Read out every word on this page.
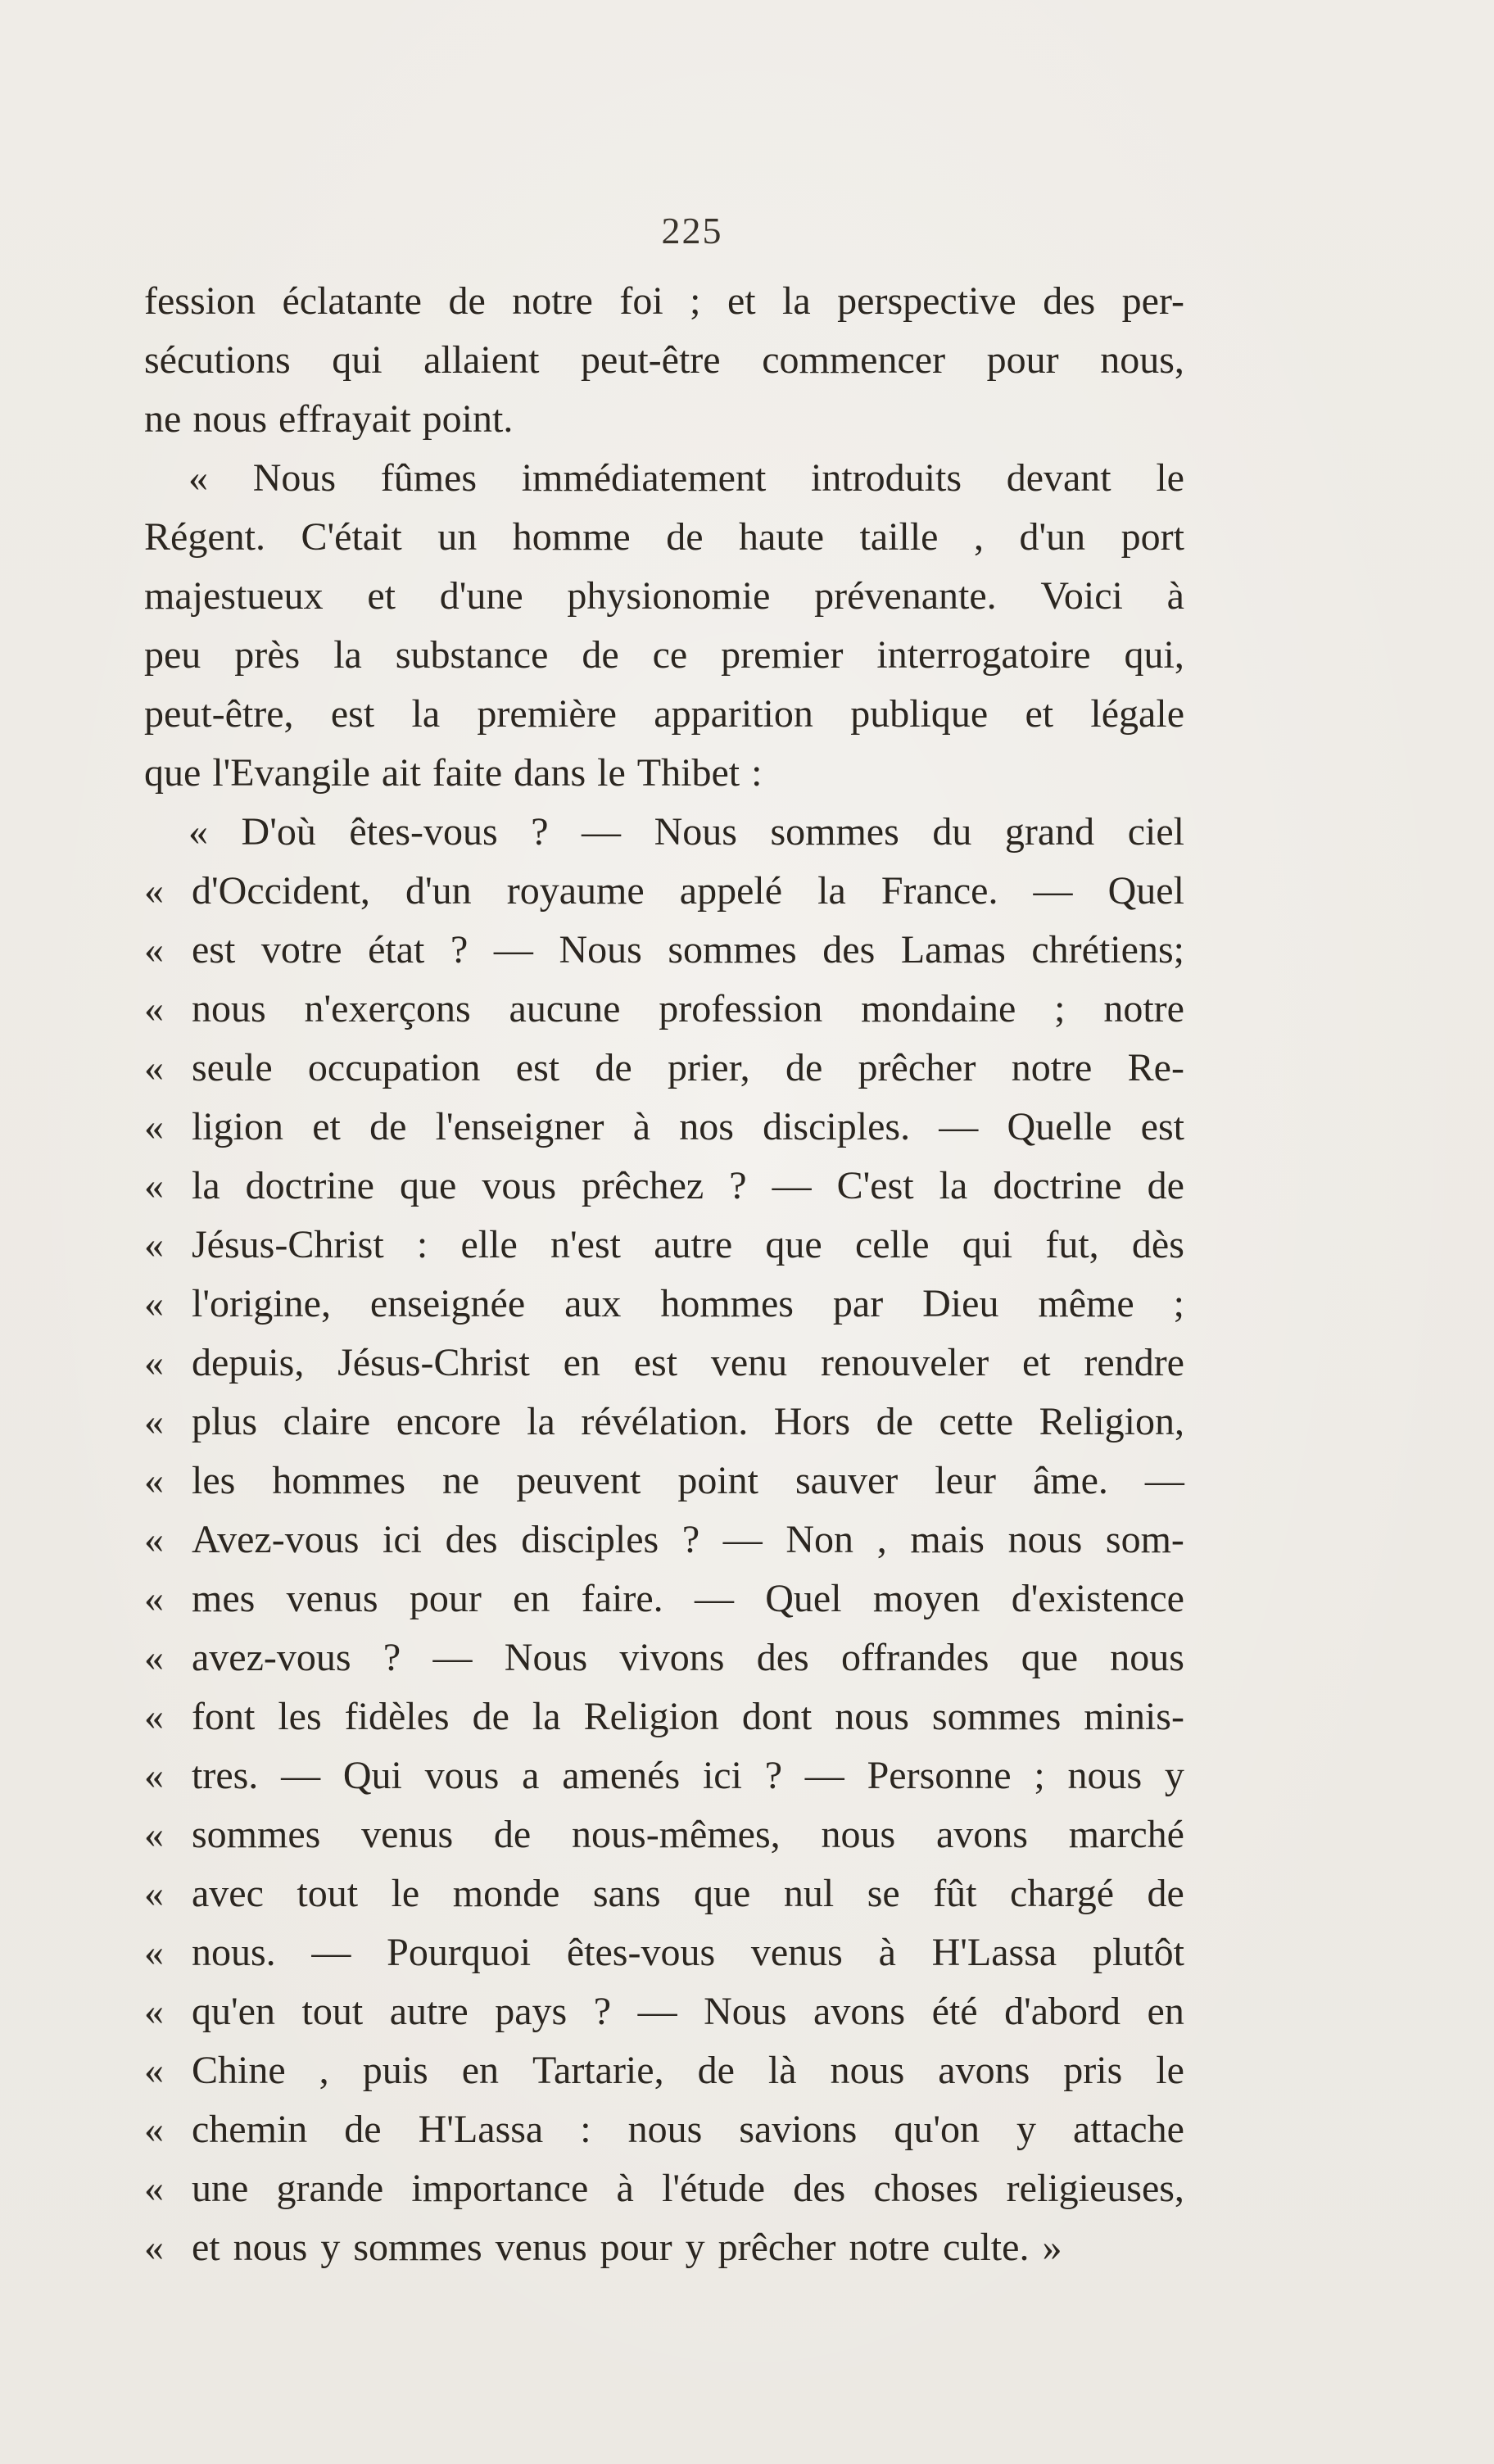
225
fession éclatante de notre foi ; et la perspective des per-
sécutions qui allaient peut-être commencer pour nous,
ne nous effrayait point.
« Nous fûmes immédiatement introduits devant le
Régent. C'était un homme de haute taille , d'un port
majestueux et d'une physionomie prévenante. Voici à
peu près la substance de ce premier interrogatoire qui,
peut-être, est la première apparition publique et légale
que l'Evangile ait faite dans le Thibet :
« D'où êtes-vous ? — Nous sommes du grand ciel
« d'Occident, d'un royaume appelé la France. — Quel
« est votre état ? — Nous sommes des Lamas chrétiens;
« nous n'exerçons aucune profession mondaine ; notre
« seule occupation est de prier, de prêcher notre Re-
« ligion et de l'enseigner à nos disciples. — Quelle est
« la doctrine que vous prêchez ? — C'est la doctrine de
« Jésus-Christ : elle n'est autre que celle qui fut, dès
« l'origine, enseignée aux hommes par Dieu même ;
« depuis, Jésus-Christ en est venu renouveler et rendre
« plus claire encore la révélation. Hors de cette Religion,
« les hommes ne peuvent point sauver leur âme. —
« Avez-vous ici des disciples ? — Non , mais nous som-
« mes venus pour en faire. — Quel moyen d'existence
« avez-vous ? — Nous vivons des offrandes que nous
« font les fidèles de la Religion dont nous sommes minis-
« tres. — Qui vous a amenés ici ? — Personne ; nous y
« sommes venus de nous-mêmes, nous avons marché
« avec tout le monde sans que nul se fût chargé de
« nous. — Pourquoi êtes-vous venus à H'Lassa plutôt
« qu'en tout autre pays ? — Nous avons été d'abord en
« Chine , puis en Tartarie, de là nous avons pris le
« chemin de H'Lassa : nous savions qu'on y attache
« une grande importance à l'étude des choses religieuses,
« et nous y sommes venus pour y prêcher notre culte. »
